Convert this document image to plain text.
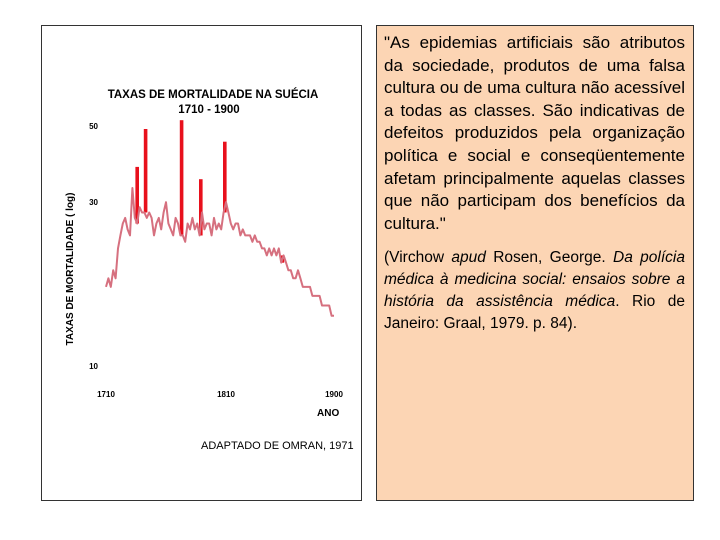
TAXAS DE MORTALIDADE NA SUÉCIA
1710 - 1900
TAXAS DE MORTALIDADE ( log)
10
30
50
1710	1810	1900
ANO
ADAPTADO DE OMRAN, 1971

"As epidemias artificiais são atributos da sociedade, produtos de uma falsa cultura ou de uma cultura não acessível a todas as classes. São indicativas de defeitos produzidos pela organização política e social e conseqüentemente afetam principalmente aquelas classes que não participam dos benefícios da cultura."

(Virchow apud Rosen, George. Da polícia médica à medicina social: ensaios sobre a história da assistência médica. Rio de Janeiro: Graal, 1979. p. 84).
